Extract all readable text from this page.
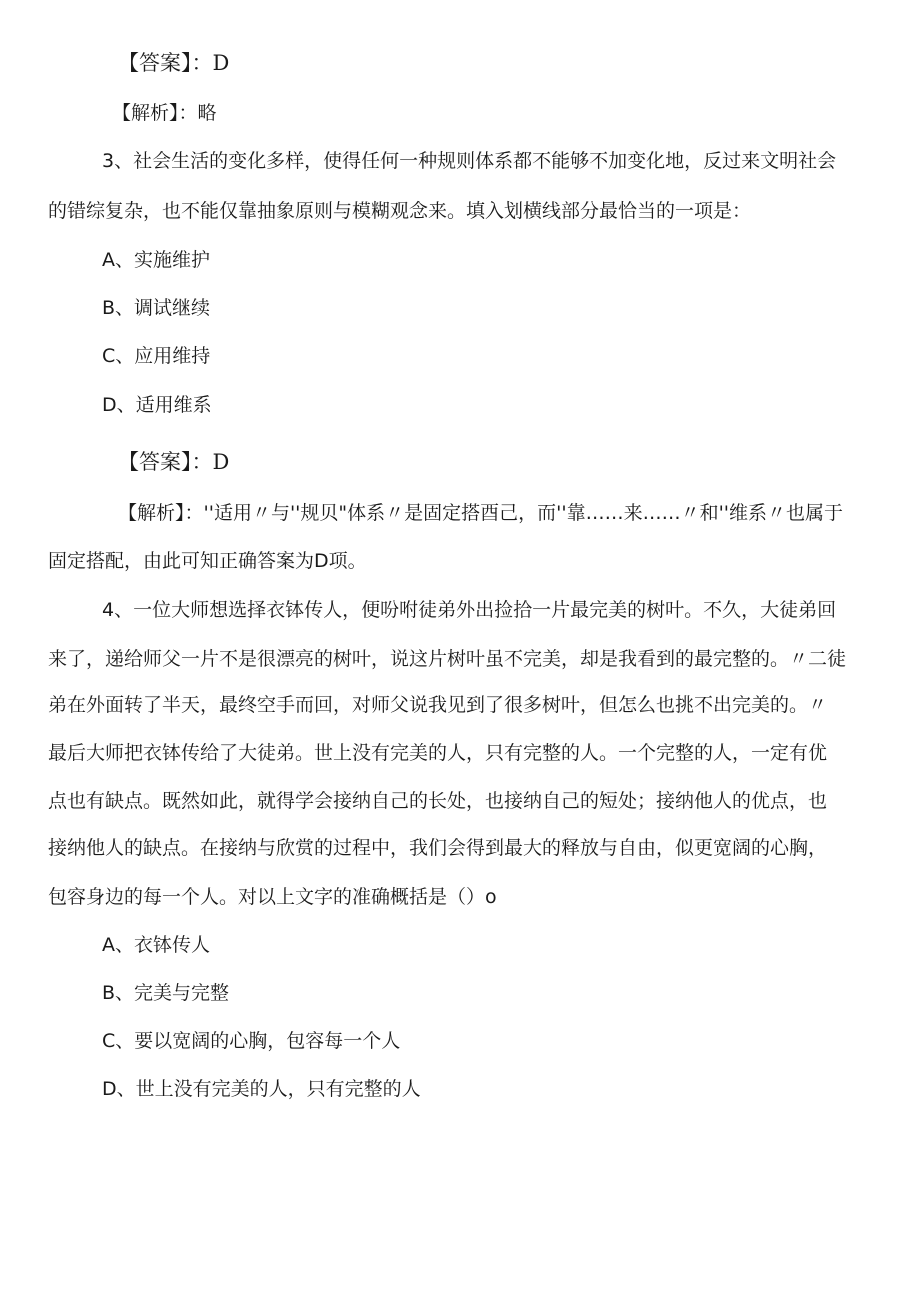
【答案】：D

【解析】：略

3、社会生活的变化多样，使得任何一种规则体系都不能够不加变化地，反过来文明社会

的错综复杂，也不能仅靠抽象原则与模糊观念来。填入划横线部分最恰当的一项是：

A、实施维护

B、调试继续

C、应用维持

D、适用维系

【答案】：D

【解析】：''适用〃与''规贝"体系〃是固定搭酉己，而''靠……来……〃和''维系〃也属于

固定搭配，由此可知正确答案为D项。

4、一位大师想选择衣钵传人，便吩咐徒弟外出捡拾一片最完美的树叶。不久，大徒弟回

来了，递给师父一片不是很漂亮的树叶，说这片树叶虽不完美，却是我看到的最完整的。〃二徒

弟在外面转了半天，最终空手而回，对师父说我见到了很多树叶，但怎么也挑不出完美的。〃

最后大师把衣钵传给了大徒弟。世上没有完美的人，只有完整的人。一个完整的人，一定有优

点也有缺点。既然如此，就得学会接纳自己的长处，也接纳自己的短处；接纳他人的优点，也

接纳他人的缺点。在接纳与欣赏的过程中，我们会得到最大的释放与自由，似更宽阔的心胸，

包容身边的每一个人。对以上文字的准确概括是（）o

A、衣钵传人

B、完美与完整

C、要以宽阔的心胸，包容每一个人

D、世上没有完美的人，只有完整的人
